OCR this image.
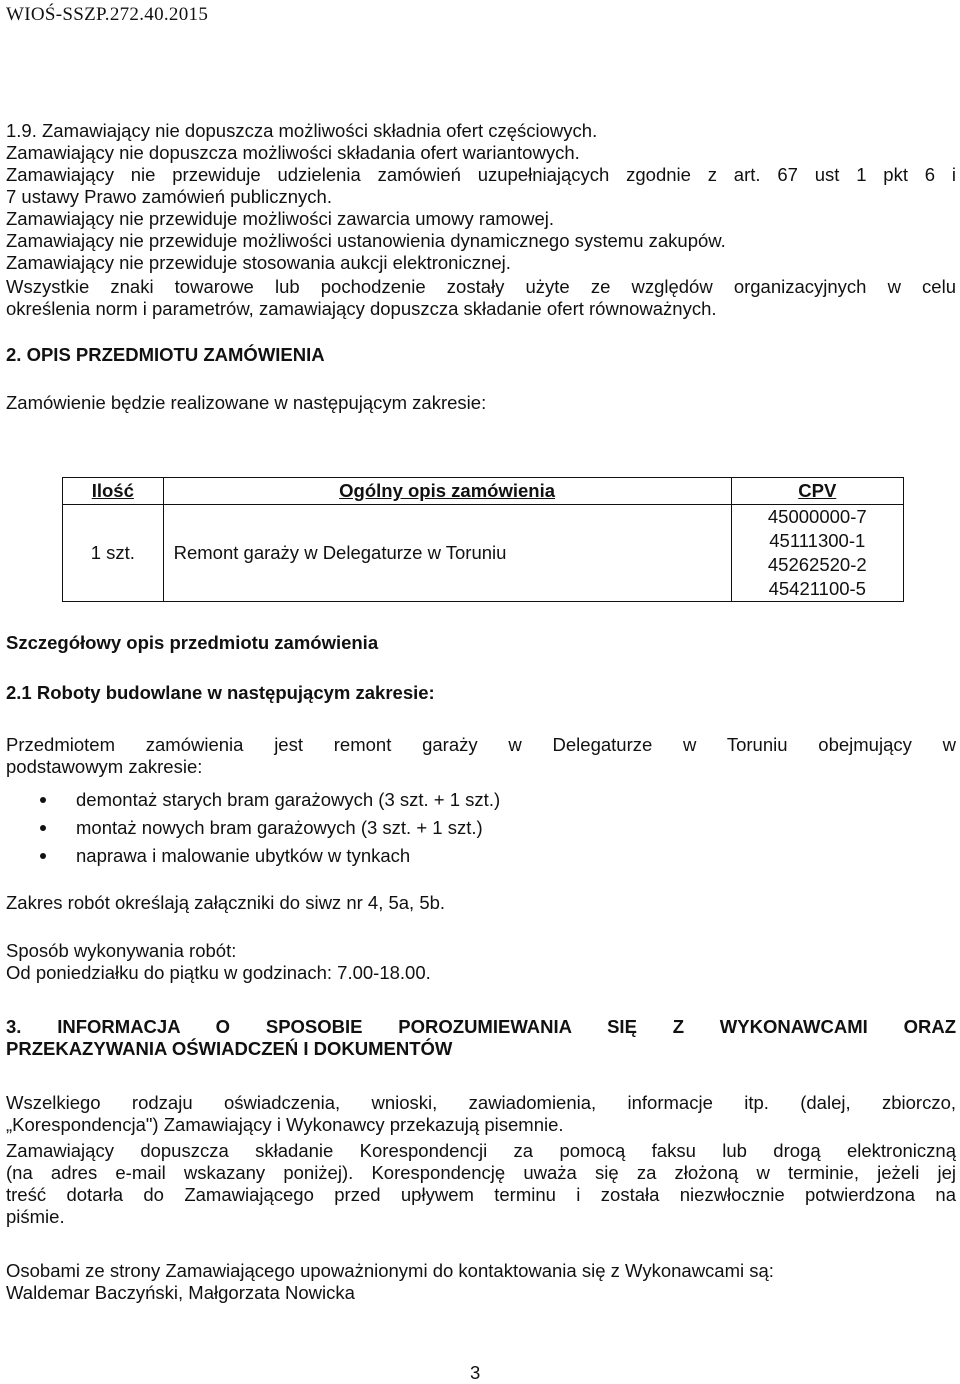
WIOŚ-SSZP.272.40.2015
1.9. Zamawiający nie dopuszcza możliwości składnia ofert częściowych.
Zamawiający nie dopuszcza możliwości składania ofert wariantowych.
Zamawiający nie przewiduje udzielenia zamówień uzupełniających zgodnie z art. 67 ust 1 pkt 6 i
7 ustawy Prawo zamówień publicznych.
Zamawiający nie przewiduje możliwości zawarcia umowy ramowej.
Zamawiający nie przewiduje możliwości ustanowienia dynamicznego systemu zakupów.
Zamawiający nie przewiduje stosowania aukcji elektronicznej.
Wszystkie znaki towarowe lub pochodzenie zostały użyte ze względów organizacyjnych w celu
określenia norm i parametrów, zamawiający dopuszcza składanie ofert równoważnych.
2. OPIS PRZEDMIOTU ZAMÓWIENIA
Zamówienie będzie realizowane w następującym zakresie:
Ilość	Ogólny opis zamówienia	CPV
1 szt.	Remont garaży w Delegaturze w Toruniu	45000000-7
45111300-1
45262520-2
45421100-5
Szczegółowy opis przedmiotu zamówienia
2.1 Roboty budowlane w następującym zakresie:
Przedmiotem zamówienia jest remont garaży w Delegaturze w Toruniu obejmujący w
podstawowym zakresie:
demontaż starych bram garażowych (3 szt. + 1 szt.)
montaż nowych bram garażowych (3 szt. + 1 szt.)
naprawa i malowanie ubytków w tynkach
Zakres robót określają załączniki do siwz nr 4, 5a, 5b.
Sposób wykonywania robót:
Od poniedziałku do piątku w godzinach: 7.00-18.00.
3. INFORMACJA O SPOSOBIE POROZUMIEWANIA SIĘ Z WYKONAWCAMI ORAZ
PRZEKAZYWANIA OŚWIADCZEŃ I DOKUMENTÓW
Wszelkiego rodzaju oświadczenia, wnioski, zawiadomienia, informacje itp. (dalej, zbiorczo,
„Korespondencja") Zamawiający i Wykonawcy przekazują pisemnie.
Zamawiający dopuszcza składanie Korespondencji za pomocą faksu lub drogą elektroniczną
(na adres e-mail wskazany poniżej). Korespondencję uważa się za złożoną w terminie, jeżeli jej
treść dotarła do Zamawiającego przed upływem terminu i została niezwłocznie potwierdzona na
piśmie.
Osobami ze strony Zamawiającego upoważnionymi do kontaktowania się z Wykonawcami są:
Waldemar Baczyński, Małgorzata Nowicka
3
